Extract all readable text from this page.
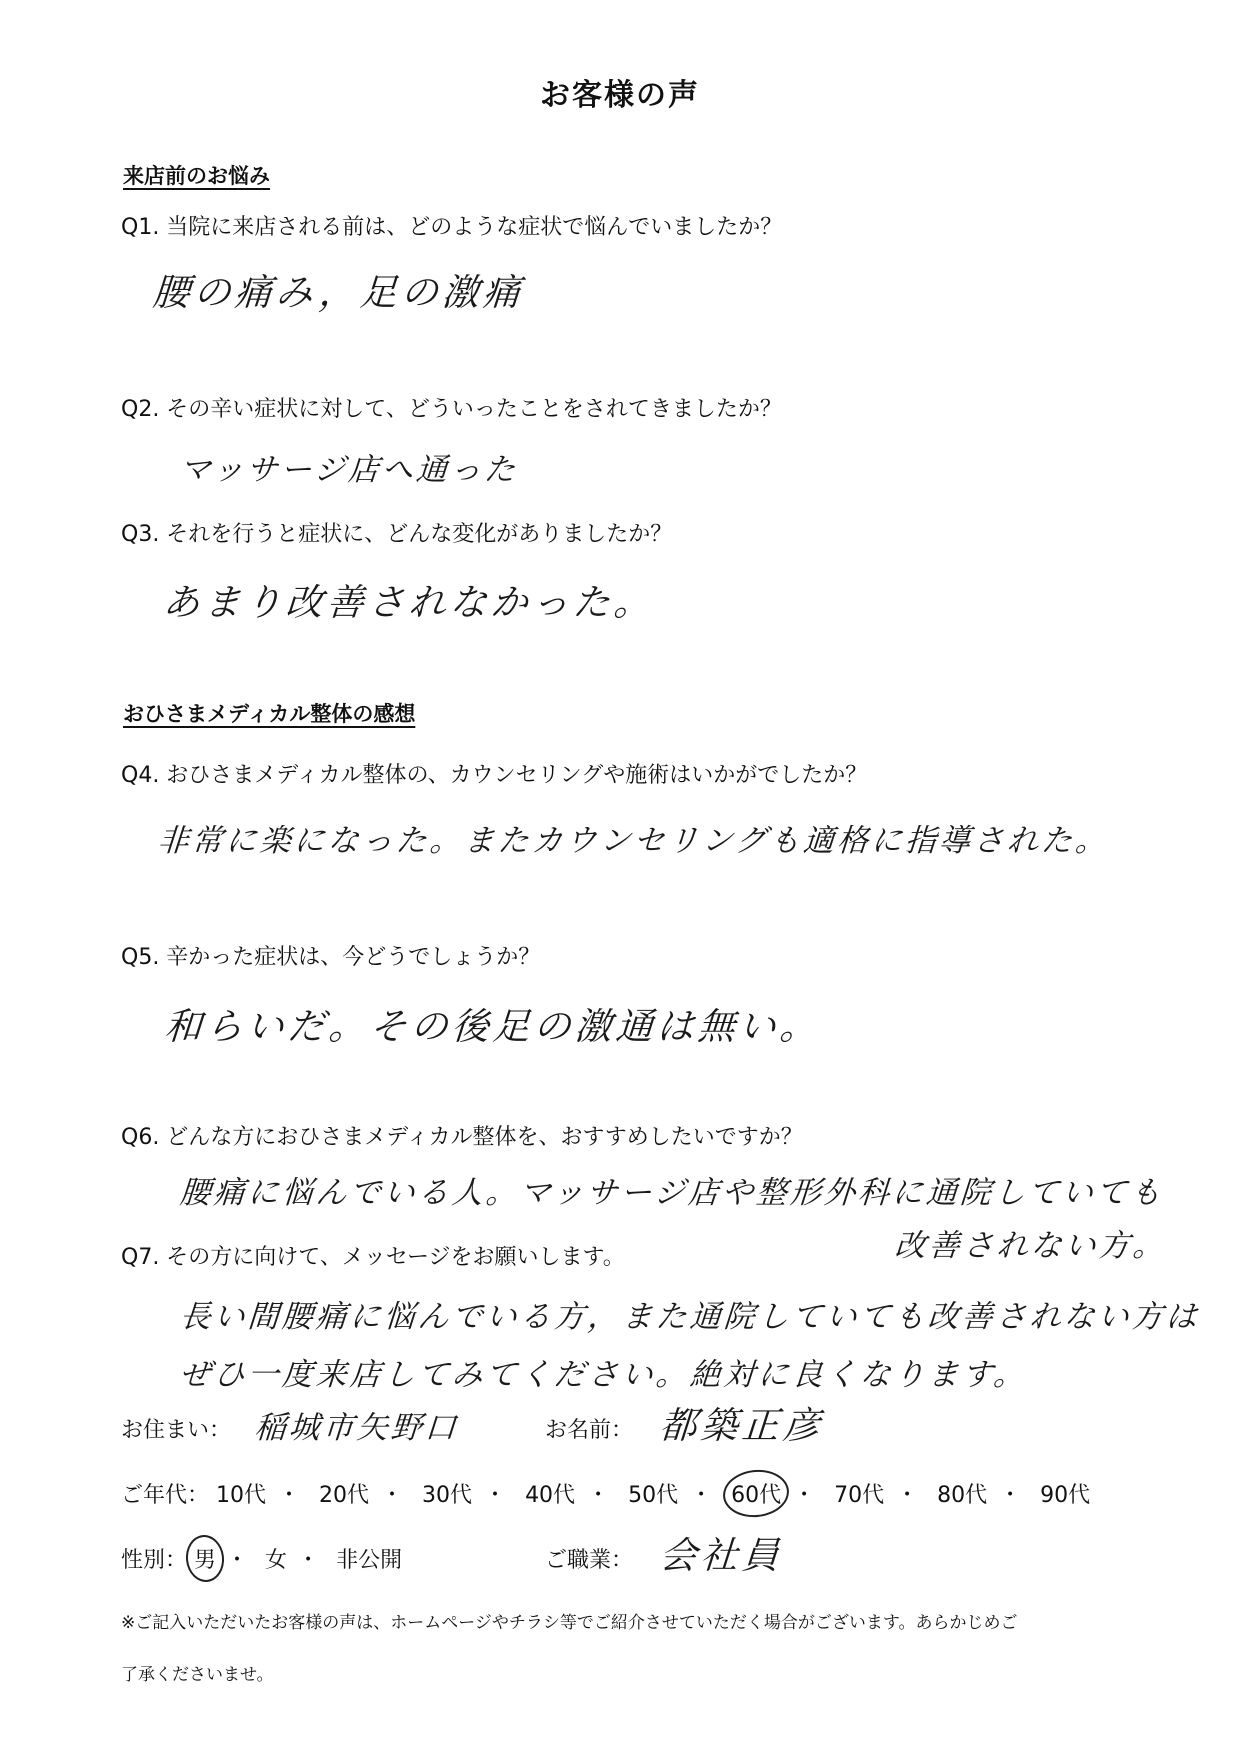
お客様の声
来店前のお悩み
Q1. 当院に来店される前は、どのような症状で悩んでいましたか？
腰の痛み，足の激痛
Q2. その辛い症状に対して、どういったことをされてきましたか？
マッサージ店へ通った
Q3. それを行うと症状に、どんな変化がありましたか？
あまり改善されなかった。
おひさまメディカル整体の感想
Q4. おひさまメディカル整体の、カウンセリングや施術はいかがでしたか？
非常に楽になった。またカウンセリングも適格に指導された。
Q5. 辛かった症状は、今どうでしょうか？
和らいだ。その後足の激通は無い。
Q6. どんな方におひさまメディカル整体を、おすすめしたいですか？
腰痛に悩んでいる人。マッサージ店や整形外科に通院していても
改善されない方。
Q7. その方に向けて、メッセージをお願いします。
長い間腰痛に悩んでいる方，また通院していても改善されない方は
ぜひ一度来店してみてください。絶対に良くなります。
お住まい： 稲城市矢野口	お名前： 都築正彦
ご年代： 10代 ・ 20代 ・ 30代 ・ 40代 ・ 50代 ・ 60代 ・ 70代 ・ 80代 ・ 90代
性別： 男 ・ 女 ・ 非公開	ご職業： 会社員
※ご記入いただいたお客様の声は、ホームページやチラシ等でご紹介させていただく場合がございます。あらかじめご
了承くださいませ。
